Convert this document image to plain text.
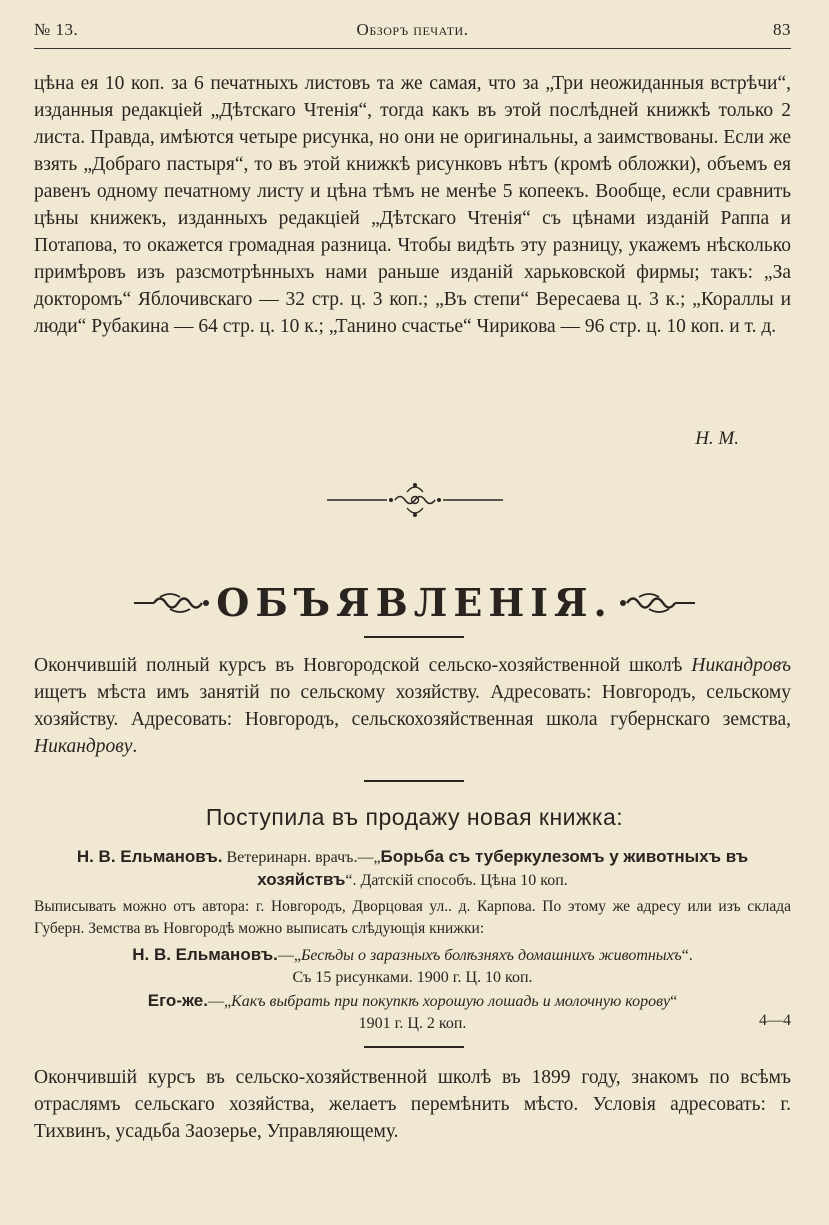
№ 13.	Обзоръ печати.	83

цѣна ея 10 коп. за 6 печатныхъ листовъ та же самая, что за „Три неожиданныя встрѣчи“, изданныя редакціей „Дѣтскаго Чтенія“, тогда какъ въ этой послѣдней книжкѣ только 2 листа. Правда, имѣются четыре рисунка, но они не оригинальны, а заимствованы. Если же взять „Добраго пастыря“, то въ этой книжкѣ рисунковъ нѣтъ (кромѣ обложки), объемъ ея равенъ одному печатному листу и цѣна тѣмъ не менѣе 5 копеекъ. Вообще, если сравнить цѣны книжекъ, изданныхъ редакціей „Дѣтскаго Чтенія“ съ цѣнами изданій Раппа и Потапова, то окажется громадная разница. Чтобы видѣть эту разницу, укажемъ нѣсколько примѣровъ изъ разсмотрѣнныхъ нами раньше изданій харьковской фирмы; такъ: „За докторомъ“ Яблочивскаго — 32 стр. ц. 3 коп.; „Въ степи“ Вересаева ц. 3 к.; „Кораллы и люди“ Рубакина — 64 стр. ц. 10 к.; „Танино счастье“ Чирикова — 96 стр. ц. 10 коп. и т. д.

Н. М.
ОБЪЯВЛЕНІЯ.

Окончившій полный курсъ въ Новгородской сельско-хозяйственной школѣ Никандровъ ищетъ мѣста имъ занятій по сельскому хозяйству. Адресовать: Новгородъ, сельскому хозяйству. Адресовать: Новгородъ, сельскохозяйственная школа губернскаго земства, Никандрову.

Поступила въ продажу новая книжка:
Н. В. Ельмановъ. Ветеринарн. врачъ.—„Борьба съ туберкулезомъ у животныхъ въ хозяйствъ“. Датскій способъ. Цѣна 10 коп.

Выписывать можно отъ автора: г. Новгородъ, Дворцовая ул.. д. Карпова. По этому же адресу или изъ склада Губерн. Земства въ Новгородѣ можно выписать слѣдующія книжки:

Н. В. Ельмановъ.—„Бесѣды о заразныхъ болѣзняхъ домашнихъ животныхъ“.
Съ 15 рисунками. 1900 г. Ц. 10 коп.
Его-же.—„Какъ выбрать при покупкѣ хорошую лошадь и молочную корову“
1901 г. Ц. 2 коп.	4—4

Окончившій курсъ въ сельско-хозяйственной школѣ въ 1899 году, знакомъ по всѣмъ отраслямъ сельскаго хозяйства, желаетъ перемѣнить мѣсто. Условія адресовать: г. Тихвинъ, усадьба Заозерье, Управляющему.
